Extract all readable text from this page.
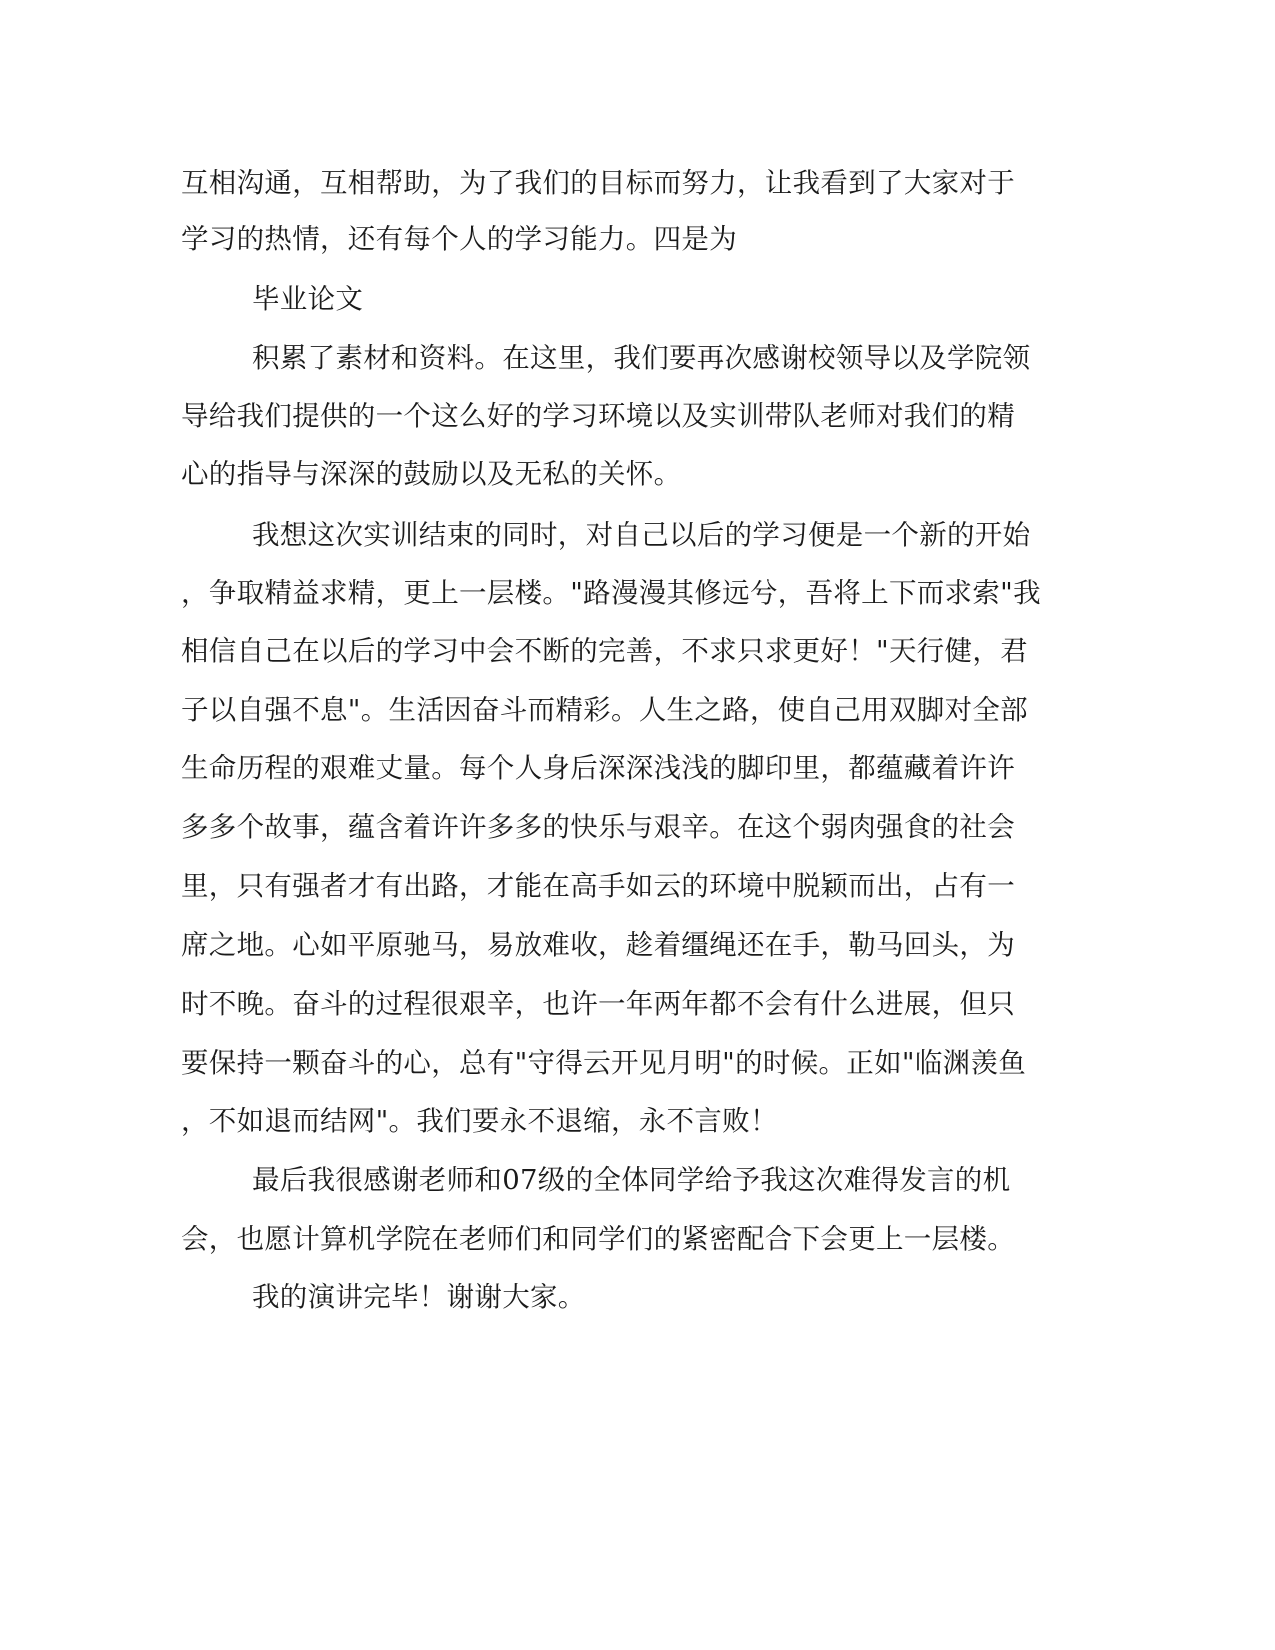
互相沟通，互相帮助，为了我们的目标而努力，让我看到了大家对于
学习的热情，还有每个人的学习能力。四是为
毕业论文
积累了素材和资料。在这里，我们要再次感谢校领导以及学院领
导给我们提供的一个这么好的学习环境以及实训带队老师对我们的精
心的指导与深深的鼓励以及无私的关怀。
我想这次实训结束的同时，对自己以后的学习便是一个新的开始
，争取精益求精，更上一层楼。"路漫漫其修远兮，吾将上下而求索"我
相信自己在以后的学习中会不断的完善，不求只求更好！"天行健，君
子以自强不息"。生活因奋斗而精彩。人生之路，使自己用双脚对全部
生命历程的艰难丈量。每个人身后深深浅浅的脚印里，都蕴藏着许许
多多个故事，蕴含着许许多多的快乐与艰辛。在这个弱肉强食的社会
里，只有强者才有出路，才能在高手如云的环境中脱颖而出，占有一
席之地。心如平原驰马，易放难收，趁着缰绳还在手，勒马回头，为
时不晚。奋斗的过程很艰辛，也许一年两年都不会有什么进展，但只
要保持一颗奋斗的心，总有"守得云开见月明"的时候。正如"临渊羡鱼
，不如退而结网"。我们要永不退缩，永不言败！
最后我很感谢老师和07级的全体同学给予我这次难得发言的机
会，也愿计算机学院在老师们和同学们的紧密配合下会更上一层楼。
我的演讲完毕！谢谢大家。
